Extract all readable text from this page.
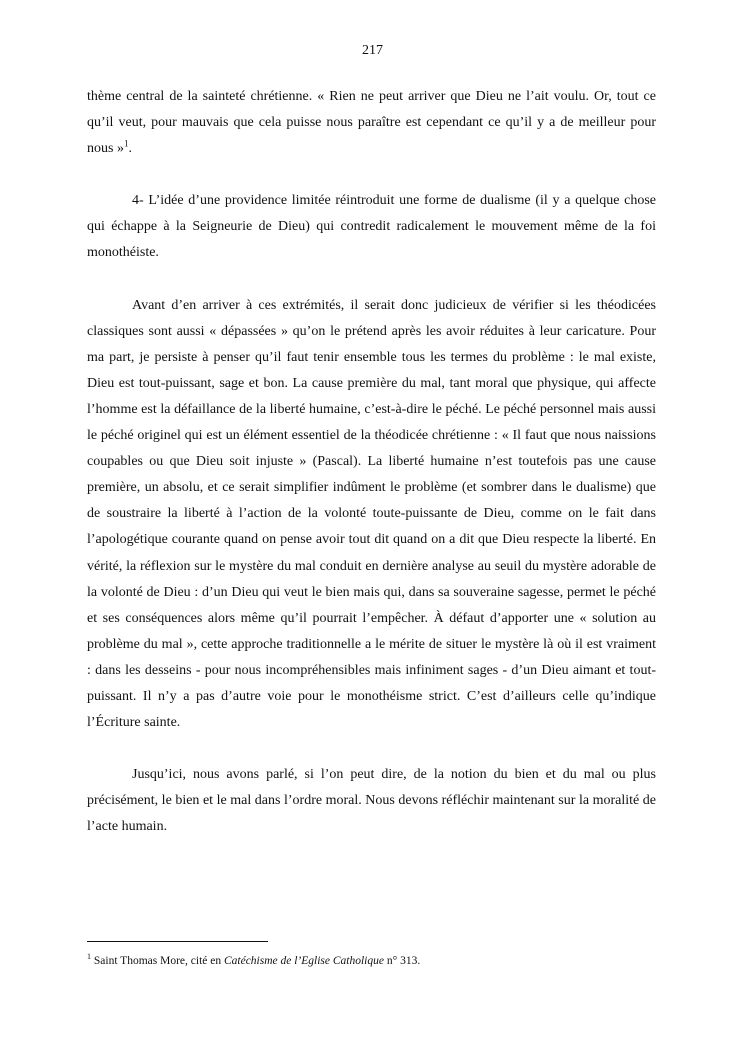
217

thème central de la sainteté chrétienne. « Rien ne peut arriver que Dieu ne l’ait voulu. Or, tout ce qu’il veut, pour mauvais que cela puisse nous paraître est cependant ce qu’il y a de meilleur pour nous »$^1$.

4- L’idée d’une providence limitée réintroduit une forme de dualisme (il y a quelque chose qui échappe à la Seigneurie de Dieu) qui contredit radicalement le mouvement même de la foi monothéiste.

Avant d’en arriver à ces extrémités, il serait donc judicieux de vérifier si les théodicées classiques sont aussi « dépassées » qu’on le prétend après les avoir réduites à leur caricature. Pour ma part, je persiste à penser qu’il faut tenir ensemble tous les termes du problème : le mal existe, Dieu est tout-puissant, sage et bon. La cause première du mal, tant moral que physique, qui affecte l’homme est la défaillance de la liberté humaine, c’est-à-dire le péché. Le péché personnel mais aussi le péché originel qui est un élément essentiel de la théodicée chrétienne : « Il faut que nous naissions coupables ou que Dieu soit injuste » (Pascal). La liberté humaine n’est toutefois pas une cause première, un absolu, et ce serait simplifier indûment le problème (et sombrer dans le dualisme) que de soustraire la liberté à l’action de la volonté toute-puissante de Dieu, comme on le fait dans l’apologétique courante quand on pense avoir tout dit quand on a dit que Dieu respecte la liberté. En vérité, la réflexion sur le mystère du mal conduit en dernière analyse au seuil du mystère adorable de la volonté de Dieu : d’un Dieu qui veut le bien mais qui, dans sa souveraine sagesse, permet le péché et ses conséquences alors même qu’il pourrait l’empêcher. À défaut d’apporter une « solution au problème du mal », cette approche traditionnelle a le mérite de situer le mystère là où il est vraiment : dans les desseins - pour nous incompréhensibles mais infiniment sages - d’un Dieu aimant et tout-puissant. Il n’y a pas d’autre voie pour le monothéisme strict. C’est d’ailleurs celle qu’indique l’Écriture sainte.

Jusqu’ici, nous avons parlé, si l’on peut dire, de la notion du bien et du mal ou plus précisément, le bien et le mal dans l’ordre moral. Nous devons réfléchir maintenant sur la moralité de l’acte humain.

$^1$ Saint Thomas More, cité en Catéchisme de l’Eglise Catholique n° 313.
